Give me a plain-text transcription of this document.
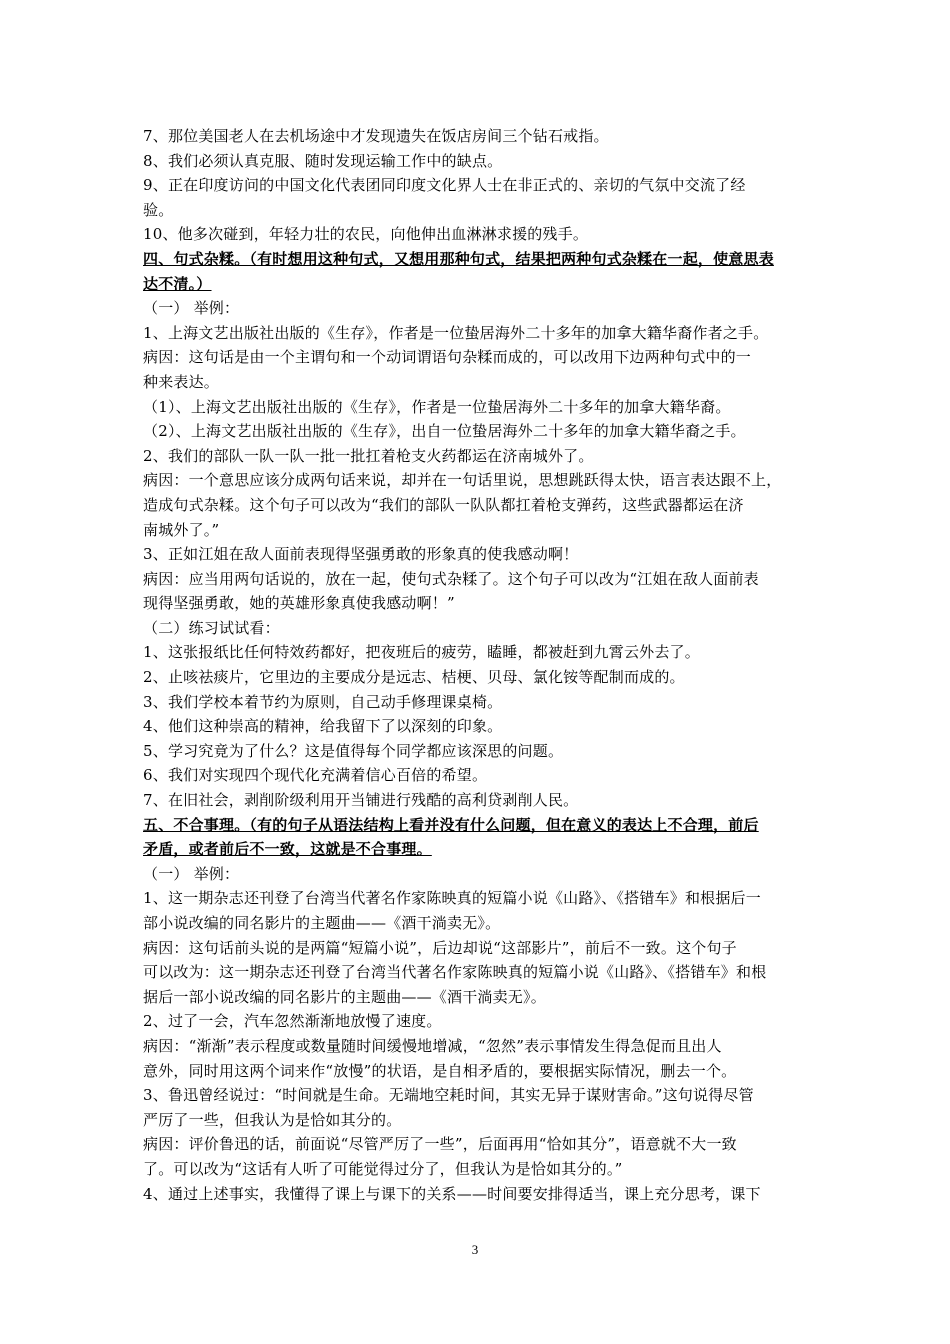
7、那位美国老人在去机场途中才发现遗失在饭店房间三个钻石戒指。
8、我们必须认真克服、随时发现运输工作中的缺点。
9、正在印度访问的中国文化代表团同印度文化界人士在非正式的、亲切的气氛中交流了经
验。
10、他多次碰到，年轻力壮的农民，向他伸出血淋淋求援的残手。
四、句式杂糅。（有时想用这种句式，又想用那种句式，结果把两种句式杂糅在一起，使意思表
达不清。）
（一） 举例：
1、上海文艺出版社出版的《生存》，作者是一位蛰居海外二十多年的加拿大籍华裔作者之手。
病因：这句话是由一个主谓句和一个动词谓语句杂糅而成的，可以改用下边两种句式中的一
种来表达。
（1）、上海文艺出版社出版的《生存》，作者是一位蛰居海外二十多年的加拿大籍华裔。
（2）、上海文艺出版社出版的《生存》，出自一位蛰居海外二十多年的加拿大籍华裔之手。
2、我们的部队一队一队一批一批扛着枪支火药都运在济南城外了。
病因：一个意思应该分成两句话来说，却并在一句话里说，思想跳跃得太快，语言表达跟不上，
造成句式杂糅。这个句子可以改为“我们的部队一队队都扛着枪支弹药，这些武器都运在济
南城外了。”
3、正如江姐在敌人面前表现得坚强勇敢的形象真的使我感动啊！
病因：应当用两句话说的，放在一起，使句式杂糅了。这个句子可以改为“江姐在敌人面前表
现得坚强勇敢，她的英雄形象真使我感动啊！”
（二）练习试试看：
1、这张报纸比任何特效药都好，把夜班后的疲劳，瞌睡，都被赶到九霄云外去了。
2、止咳祛痰片，它里边的主要成分是远志、桔梗、贝母、氯化铵等配制而成的。
3、我们学校本着节约为原则，自己动手修理课桌椅。
4、他们这种崇高的精神，给我留下了以深刻的印象。
5、学习究竟为了什么？这是值得每个同学都应该深思的问题。
6、我们对实现四个现代化充满着信心百倍的希望。
7、在旧社会，剥削阶级利用开当铺进行残酷的高利贷剥削人民。
五、不合事理。（有的句子从语法结构上看并没有什么问题，但在意义的表达上不合理，前后
矛盾，或者前后不一致，这就是不合事理。
（一） 举例：
1、这一期杂志还刊登了台湾当代著名作家陈映真的短篇小说《山路》、《搭错车》和根据后一
部小说改编的同名影片的主题曲——《酒干淌卖无》。
病因：这句话前头说的是两篇“短篇小说”，后边却说“这部影片”，前后不一致。这个句子
可以改为：这一期杂志还刊登了台湾当代著名作家陈映真的短篇小说《山路》、《搭错车》和根
据后一部小说改编的同名影片的主题曲——《酒干淌卖无》。
2、过了一会，汽车忽然渐渐地放慢了速度。
病因：“渐渐”表示程度或数量随时间缓慢地增减，“忽然”表示事情发生得急促而且出人
意外，同时用这两个词来作“放慢”的状语，是自相矛盾的，要根据实际情况，删去一个。
3、鲁迅曾经说过：“时间就是生命。无端地空耗时间，其实无异于谋财害命。”这句说得尽管
严厉了一些，但我认为是恰如其分的。
病因：评价鲁迅的话，前面说“尽管严厉了一些”，后面再用“恰如其分”，语意就不大一致
了。可以改为“这话有人听了可能觉得过分了，但我认为是恰如其分的。”
4、通过上述事实，我懂得了课上与课下的关系——时间要安排得适当，课上充分思考，课下
3
